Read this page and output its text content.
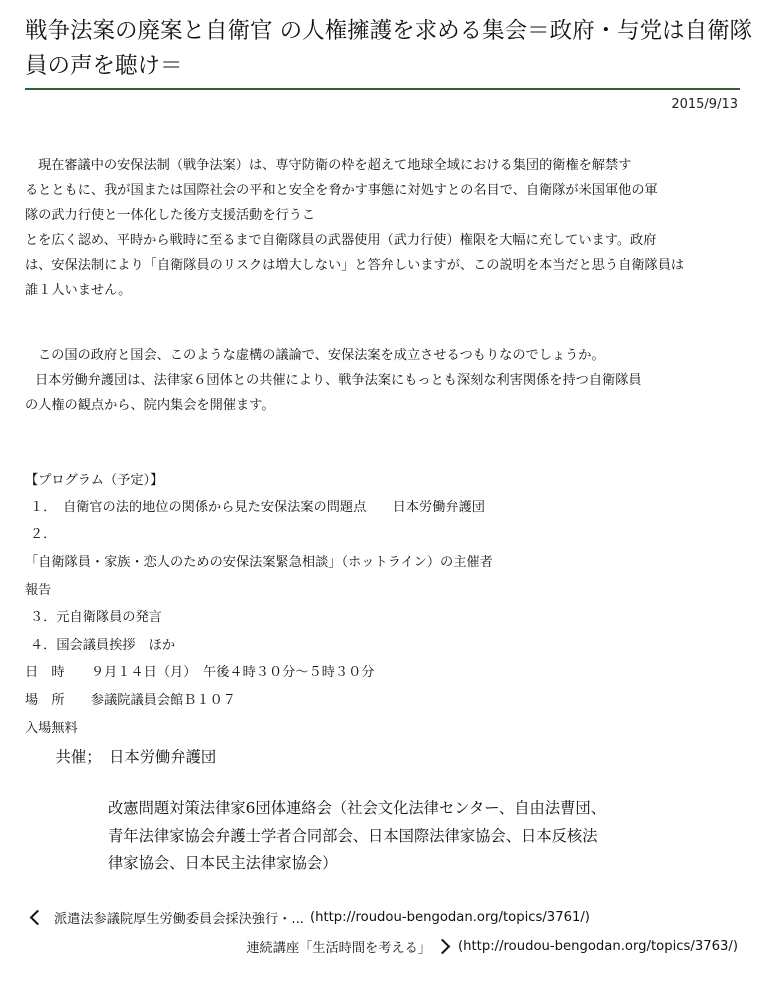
戦争法案の廃案と自衛官 の人権擁護を求める集会＝政府・与党は自衛隊員の声を聴け＝
2015/9/13

現在審議中の安保法制（戦争法案）は、専守防衛の枠を超えて地球全域における集団的衛権を解禁す

るとともに、我が国または国際社会の平和と安全を脅かす事態に対処すとの名目で、自衛隊が米国軍他の軍

隊の武力行使と一体化した後方支援活動を行うこ

とを広く認め、平時から戦時に至るまで自衛隊員の武器使用（武力行使）権限を大幅に充しています。政府

は、安保法制により「自衛隊員のリスクは増大しない」と答弁しいますが、この説明を本当だと思う自衛隊員は

誰１人いません。

この国の政府と国会、このような虚構の議論で、安保法案を成立させるつもりなのでしょうか。

日本労働弁護団は、法律家６団体との共催により、戦争法案にもっとも深刻な利害関係を持つ自衛隊員

の人権の観点から、院内集会を開催ます。

【プログラム（予定）】
１．　自衛官の法的地位の関係から見た安保法案の問題点　　日本労働弁護団
２．
「自衛隊員・家族・恋人のための安保法案緊急相談」（ホットライン）の主催者
報告
３．元自衛隊員の発言
４．国会議員挨拶　ほか
日　時　　９月１４日（月）　午後４時３０分～５時３０分
場　所　　参議院議員会館Ｂ１０７
入場無料
　　共催；　日本労働弁護団

改憲問題対策法律家6団体連絡会（社会文化法律センター、自由法曹団、

青年法律家協会弁護士学者合同部会、日本国際法律家協会、日本反核法

律家協会、日本民主法律家協会）

派遣法参議院厚生労働委員会採決強行・... (http://roudou-bengodan.org/topics/3761/)
連続講座「生活時間を考える」 (http://roudou-bengodan.org/topics/3763/)
